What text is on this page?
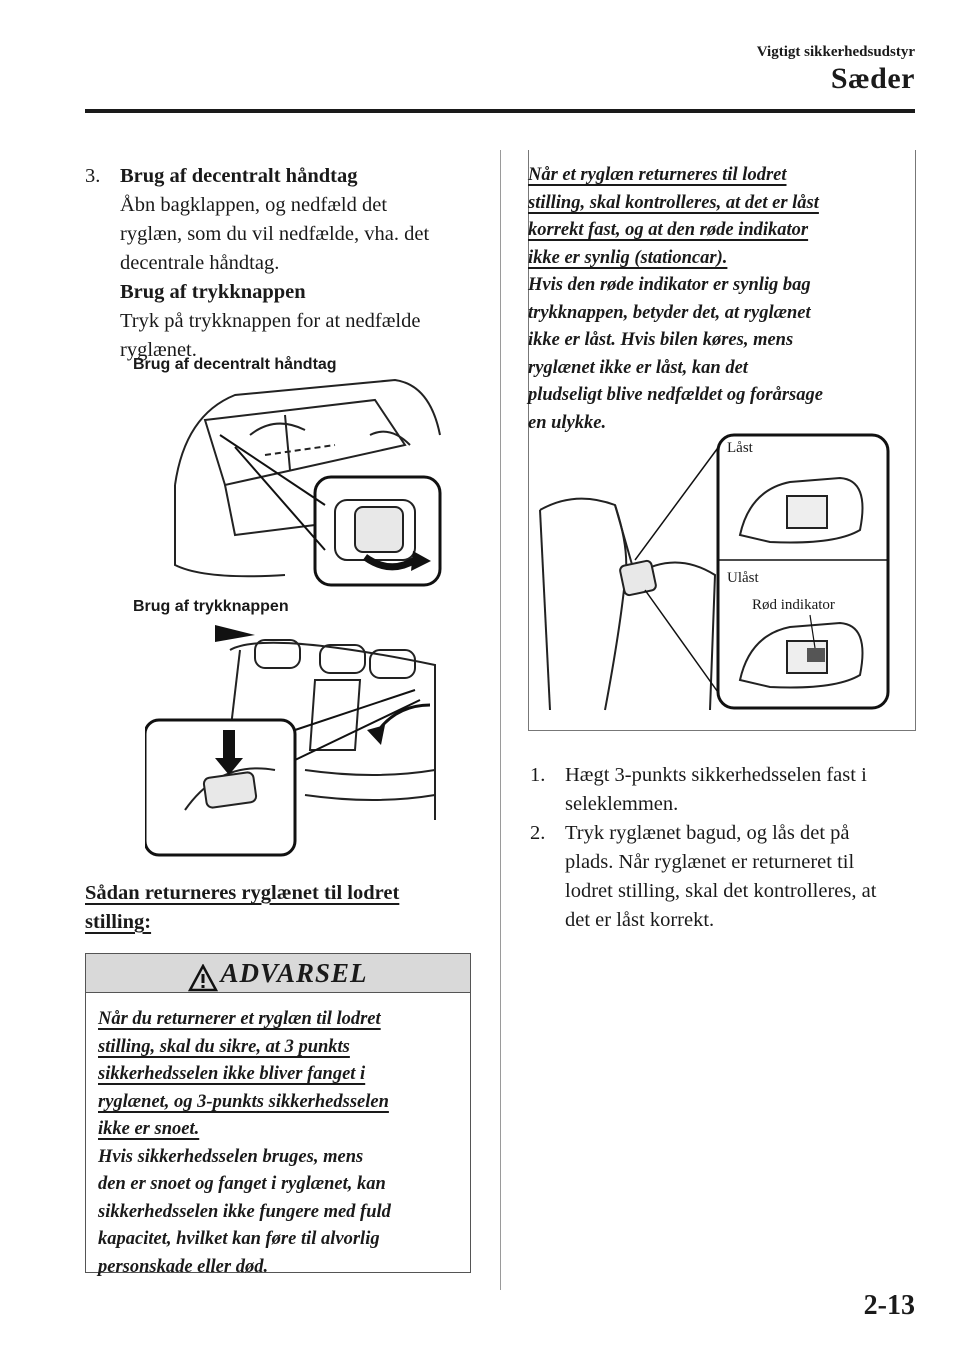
Vigtigt sikkerhedsudstyr
Sæder
3. Brug af decentralt håndtag
Åbn bagklappen, og nedfæld det
ryglæn, som du vil nedfælde, vha. det
decentrale håndtag.
Brug af trykknappen
Tryk på trykknappen for at nedfælde
ryglænet.
Brug af decentralt håndtag
Brug af trykknappen
Sådan returneres ryglænet til lodret
stilling:
ADVARSEL
Når du returnerer et ryglæn til lodret
stilling, skal du sikre, at 3 punkts
sikkerhedsselen ikke bliver fanget i
ryglænet, og 3-punkts sikkerhedsselen
ikke er snoet.
Hvis sikkerhedsselen bruges, mens
den er snoet og fanget i ryglænet, kan
sikkerhedsselen ikke fungere med fuld
kapacitet, hvilket kan føre til alvorlig
personskade eller død.
Når et ryglæn returneres til lodret
stilling, skal kontrolleres, at det er låst
korrekt fast, og at den røde indikator
ikke er synlig (stationcar).
Hvis den røde indikator er synlig bag
trykknappen, betyder det, at ryglænet
ikke er låst. Hvis bilen køres, mens
ryglænet ikke er låst, kan det
pludseligt blive nedfældet og forårsage
en ulykke.
Låst
Ulåst
Rød indikator
1. Hægt 3-punkts sikkerhedsselen fast i
seleklemmen.
2. Tryk ryglænet bagud, og lås det på
plads. Når ryglænet er returneret til
lodret stilling, skal det kontrolleres, at
det er låst korrekt.
2-13
